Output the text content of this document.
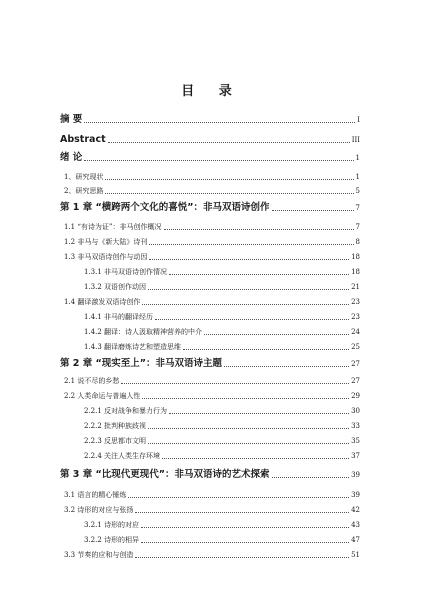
目 录
摘 要	I
Abstract	III
绪 论	1
1、研究现状	1
2、研究思路	5
第 1 章 “横跨两个文化的喜悦”：非马双语诗创作	7
1.1 “有诗为证”：非马创作概况	7
1.2 非马与《新大陆》诗刊	8
1.3 非马双语诗创作与动因	18
1.3.1 非马双语诗创作情况	18
1.3.2 双语创作动因	21
1.4 翻译激发双语诗创作	23
1.4.1 非马的翻译经历	23
1.4.2 翻译：诗人汲取精神营养的中介	24
1.4.3 翻译磨炼诗艺和塑造思维	25
第 2 章 “现实至上”：非马双语诗主题	27
2.1 说不尽的乡愁	27
2.2 人类命运与普遍人性	29
2.2.1 反对战争和暴力行为	30
2.2.2 批判种族歧视	33
2.2.3 反思都市文明	35
2.2.4 关注人类生存环境	37
第 3 章 “比现代更现代”：非马双语诗的艺术探索	39
3.1 语言的精心锤炼	39
3.2 诗形的对应与张扬	42
3.2.1 诗形的对应	43
3.2.2 诗形的相异	47
3.3 节奏的应和与创造	51
